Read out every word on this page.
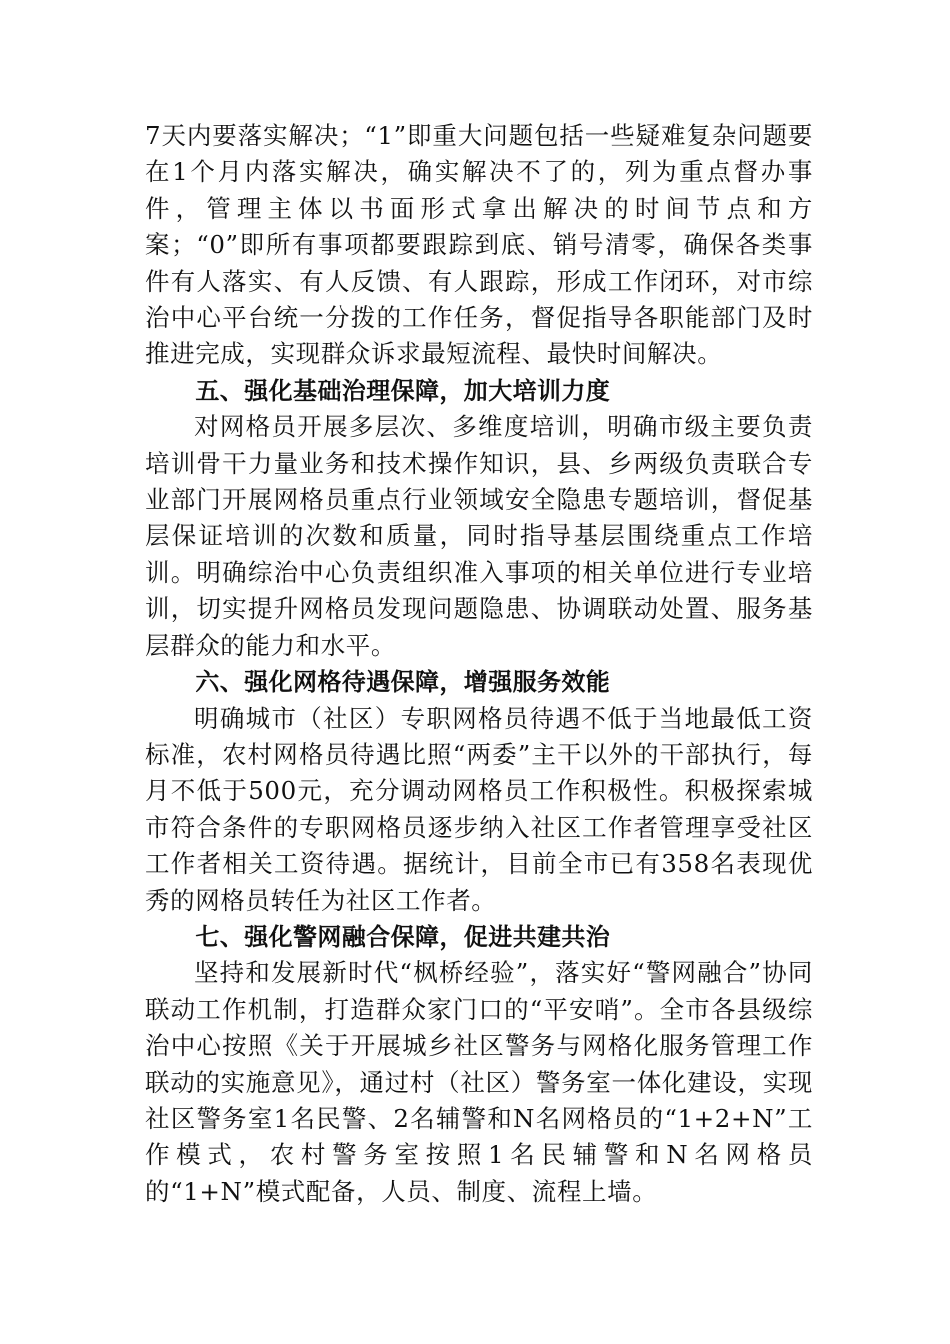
7天内要落实解决；“1”即重大问题包括一些疑难复杂问题要在1个月内落实解决，确实解决不了的，列为重点督办事件，管理主体以书面形式拿出解决的时间节点和方案；“0”即所有事项都要跟踪到底、销号清零，确保各类事件有人落实、有人反馈、有人跟踪，形成工作闭环，对市综治中心平台统一分拨的工作任务，督促指导各职能部门及时推进完成，实现群众诉求最短流程、最快时间解决。

五、强化基础治理保障，加大培训力度

对网格员开展多层次、多维度培训，明确市级主要负责培训骨干力量业务和技术操作知识，县、乡两级负责联合专业部门开展网格员重点行业领域安全隐患专题培训，督促基层保证培训的次数和质量，同时指导基层围绕重点工作培训。明确综治中心负责组织准入事项的相关单位进行专业培训，切实提升网格员发现问题隐患、协调联动处置、服务基层群众的能力和水平。

六、强化网格待遇保障，增强服务效能

明确城市（社区）专职网格员待遇不低于当地最低工资标准，农村网格员待遇比照“两委”主干以外的干部执行，每月不低于500元，充分调动网格员工作积极性。积极探索城市符合条件的专职网格员逐步纳入社区工作者管理享受社区工作者相关工资待遇。据统计，目前全市已有358名表现优秀的网格员转任为社区工作者。

七、强化警网融合保障，促进共建共治

坚持和发展新时代“枫桥经验”，落实好“警网融合”协同联动工作机制，打造群众家门口的“平安哨”。全市各县级综治中心按照《关于开展城乡社区警务与网格化服务管理工作联动的实施意见》，通过村（社区）警务室一体化建设，实现社区警务室1名民警、2名辅警和N名网格员的“1+2+N”工作模式，农村警务室按照1名民辅警和N名网格员的“1+N”模式配备，人员、制度、流程上墙。
